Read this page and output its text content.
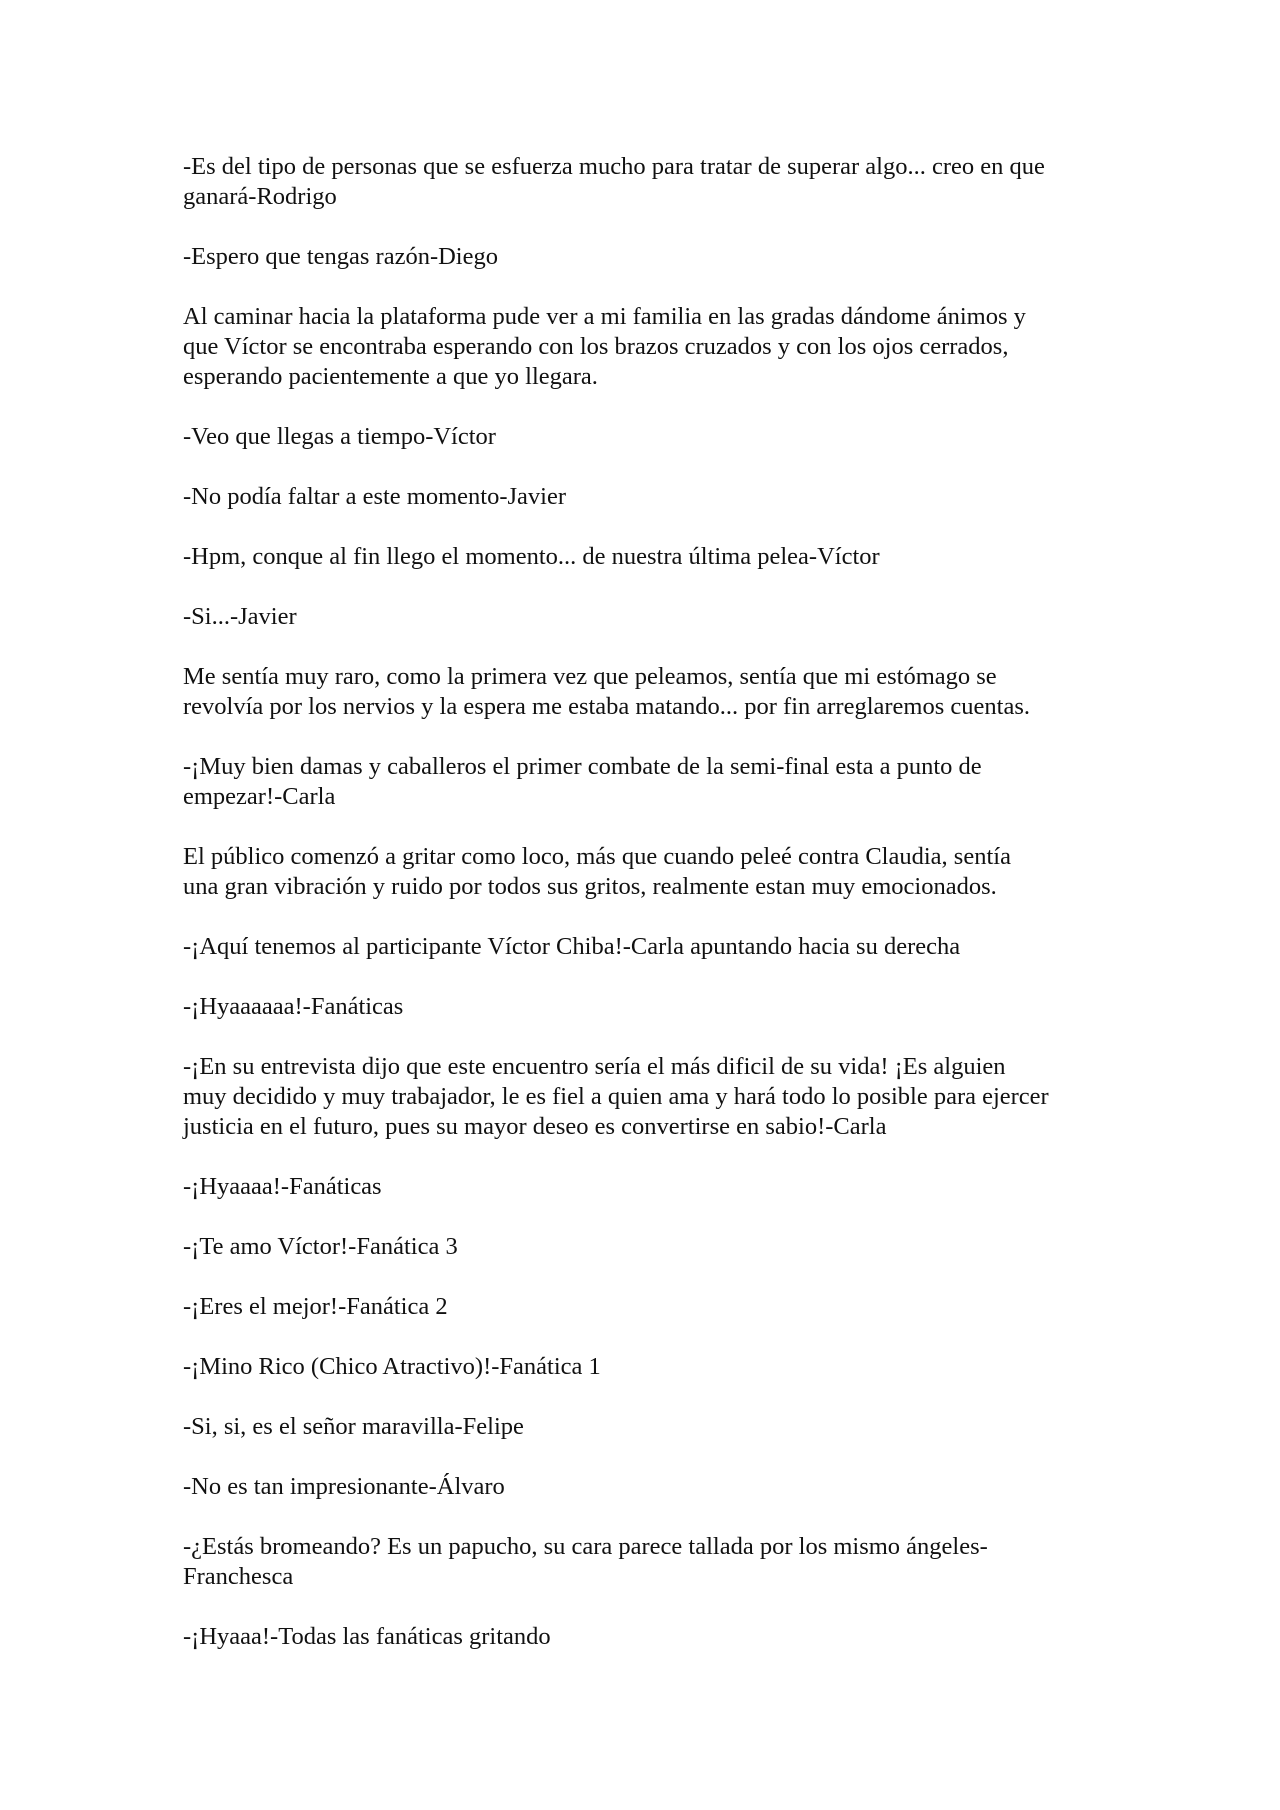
-Es del tipo de personas que se esfuerza mucho para tratar de superar algo... creo en que
ganará-Rodrigo

-Espero que tengas razón-Diego

Al caminar hacia la plataforma pude ver a mi familia en las gradas dándome ánimos y
que Víctor se encontraba esperando con los brazos cruzados y con los ojos cerrados,
esperando pacientemente a que yo llegara.

-Veo que llegas a tiempo-Víctor

-No podía faltar a este momento-Javier

-Hpm, conque al fin llego el momento... de nuestra última pelea-Víctor

-Si...-Javier

Me sentía muy raro, como la primera vez que peleamos, sentía que mi estómago se
revolvía por los nervios y la espera me estaba matando... por fin arreglaremos cuentas.

-¡Muy bien damas y caballeros el primer combate de la semi-final esta a punto de
empezar!-Carla

El público comenzó a gritar como loco, más que cuando peleé contra Claudia, sentía
una gran vibración y ruido por todos sus gritos, realmente estan muy emocionados.

-¡Aquí tenemos al participante Víctor Chiba!-Carla apuntando hacia su derecha

-¡Hyaaaaaa!-Fanáticas

-¡En su entrevista dijo que este encuentro sería el más dificil de su vida! ¡Es alguien
muy decidido y muy trabajador, le es fiel a quien ama y hará todo lo posible para ejercer
justicia en el futuro, pues su mayor deseo es convertirse en sabio!-Carla

-¡Hyaaaa!-Fanáticas

-¡Te amo Víctor!-Fanática 3

-¡Eres el mejor!-Fanática 2

-¡Mino Rico (Chico Atractivo)!-Fanática 1

-Si, si, es el señor maravilla-Felipe

-No es tan impresionante-Álvaro

-¿Estás bromeando? Es un papucho, su cara parece tallada por los mismo ángeles-
Franchesca

-¡Hyaaa!-Todas las fanáticas gritando
